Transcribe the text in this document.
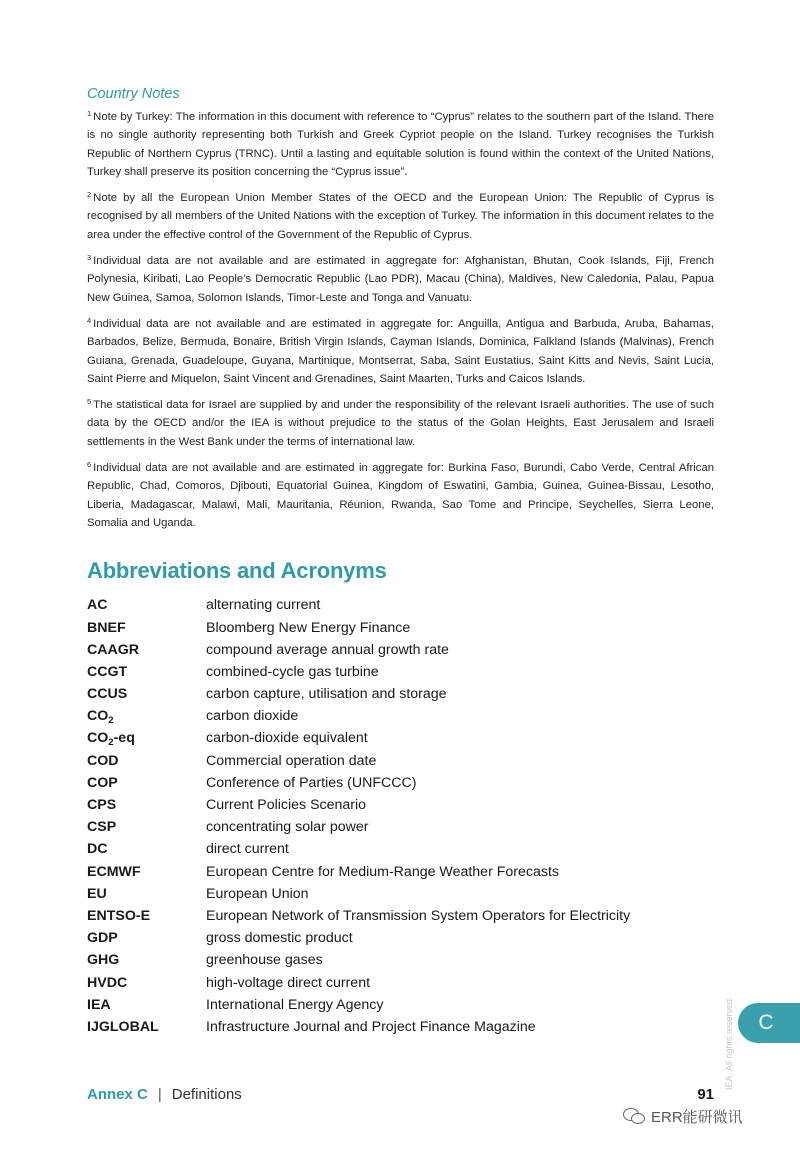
Country Notes

$^1$ Note by Turkey: The information in this document with reference to “Cyprus” relates to the southern part of the Island. There is no single authority representing both Turkish and Greek Cypriot people on the Island. Turkey recognises the Turkish Republic of Northern Cyprus (TRNC). Until a lasting and equitable solution is found within the context of the United Nations, Turkey shall preserve its position concerning the “Cyprus issue”.

$^2$ Note by all the European Union Member States of the OECD and the European Union: The Republic of Cyprus is recognised by all members of the United Nations with the exception of Turkey. The information in this document relates to the area under the effective control of the Government of the Republic of Cyprus.

$^3$ Individual data are not available and are estimated in aggregate for: Afghanistan, Bhutan, Cook Islands, Fiji, French Polynesia, Kiribati, Lao People’s Democratic Republic (Lao PDR), Macau (China), Maldives, New Caledonia, Palau, Papua New Guinea, Samoa, Solomon Islands, Timor-Leste and Tonga and Vanuatu.

$^4$ Individual data are not available and are estimated in aggregate for: Anguilla, Antigua and Barbuda, Aruba, Bahamas, Barbados, Belize, Bermuda, Bonaire, British Virgin Islands, Cayman Islands, Dominica, Falkland Islands (Malvinas), French Guiana, Grenada, Guadeloupe, Guyana, Martinique, Montserrat, Saba, Saint Eustatius, Saint Kitts and Nevis, Saint Lucia, Saint Pierre and Miquelon, Saint Vincent and Grenadines, Saint Maarten, Turks and Caicos Islands.

$^5$ The statistical data for Israel are supplied by and under the responsibility of the relevant Israeli authorities. The use of such data by the OECD and/or the IEA is without prejudice to the status of the Golan Heights, East Jerusalem and Israeli settlements in the West Bank under the terms of international law.

$^6$ Individual data are not available and are estimated in aggregate for: Burkina Faso, Burundi, Cabo Verde, Central African Republic, Chad, Comoros, Djibouti, Equatorial Guinea, Kingdom of Eswatini, Gambia, Guinea, Guinea-Bissau, Lesotho, Liberia, Madagascar, Malawi, Mali, Mauritania, Réunion, Rwanda, Sao Tome and Principe, Seychelles, Sierra Leone, Somalia and Uganda.

Abbreviations and Acronyms
AC	alternating current
BNEF	Bloomberg New Energy Finance
CAAGR	compound average annual growth rate
CCGT	combined-cycle gas turbine
CCUS	carbon capture, utilisation and storage
$CO_2$	carbon dioxide
$CO_2-eq$	carbon-dioxide equivalent
COD	Commercial operation date
COP	Conference of Parties (UNFCCC)
CPS	Current Policies Scenario
CSP	concentrating solar power
DC	direct current
ECMWF	European Centre for Medium-Range Weather Forecasts
EU	European Union
ENTSO-E	European Network of Transmission System Operators for Electricity
GDP	gross domestic product
GHG	greenhouse gases
HVDC	high-voltage direct current
IEA	International Energy Agency
IJGLOBAL	Infrastructure Journal and Project Finance Magazine
Annex C | Definitions	91
IEA. All rights reserved.	C
ERR能研微讯
